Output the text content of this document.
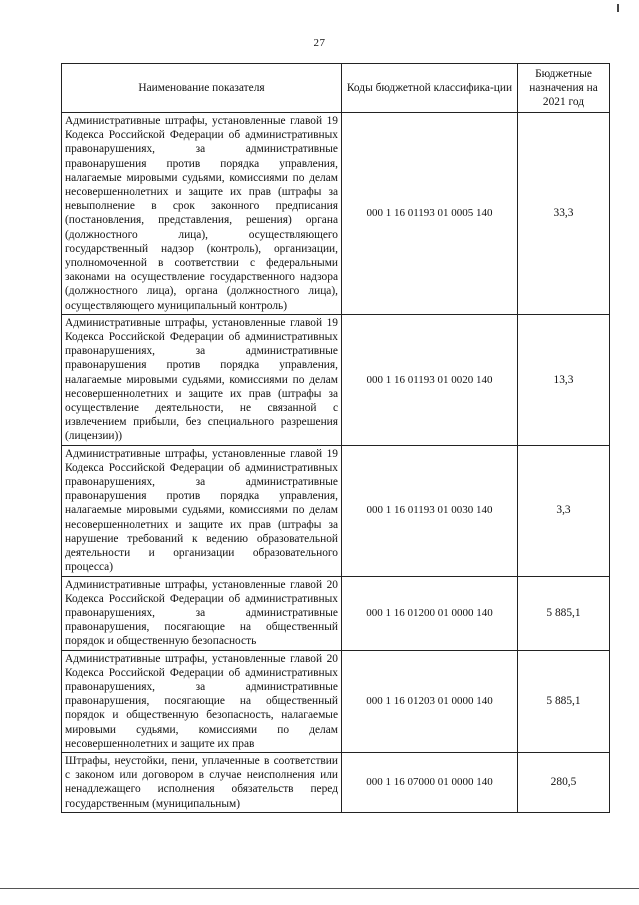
27
Наименование показателя	Коды бюджетной классифика-ции	Бюджетные назначения на 2021 год
Административные штрафы, установленные главой 19 Кодекса Российской Федерации об административных правонарушениях, за административные правонарушения против порядка управления, налагаемые мировыми судьями, комиссиями по делам несовершеннолетних и защите их прав (штрафы за невыполнение в срок законного предписания (постановления, представления, решения) органа (должностного лица), осуществляющего государственный надзор (контроль), организации, уполномоченной в соответствии с федеральными законами на осуществление государственного надзора (должностного лица), органа (должностного лица), осуществляющего муниципальный контроль)	000 1 16 01193 01 0005 140	33,3
Административные штрафы, установленные главой 19 Кодекса Российской Федерации об административных правонарушениях, за административные правонарушения против порядка управления, налагаемые мировыми судьями, комиссиями по делам несовершеннолетних и защите их прав (штрафы за осуществление деятельности, не связанной с извлечением прибыли, без специального разрешения (лицензии))	000 1 16 01193 01 0020 140	13,3
Административные штрафы, установленные главой 19 Кодекса Российской Федерации об административных правонарушениях, за административные правонарушения против порядка управления, налагаемые мировыми судьями, комиссиями по делам несовершеннолетних и защите их прав (штрафы за нарушение требований к ведению образовательной деятельности и организации образовательного процесса)	000 1 16 01193 01 0030 140	3,3
Административные штрафы, установленные главой 20 Кодекса Российской Федерации об административных правонарушениях, за административные правонарушения, посягающие на общественный порядок и общественную безопасность	000 1 16 01200 01 0000 140	5 885,1
Административные штрафы, установленные главой 20 Кодекса Российской Федерации об административных правонарушениях, за административные правонарушения, посягающие на общественный порядок и общественную безопасность, налагаемые мировыми судьями, комиссиями по делам несовершеннолетних и защите их прав	000 1 16 01203 01 0000 140	5 885,1
Штрафы, неустойки, пени, уплаченные в соответствии с законом или договором в случае неисполнения или ненадлежащего исполнения обязательств перед государственным (муниципальным)	000 1 16 07000 01 0000 140	280,5
